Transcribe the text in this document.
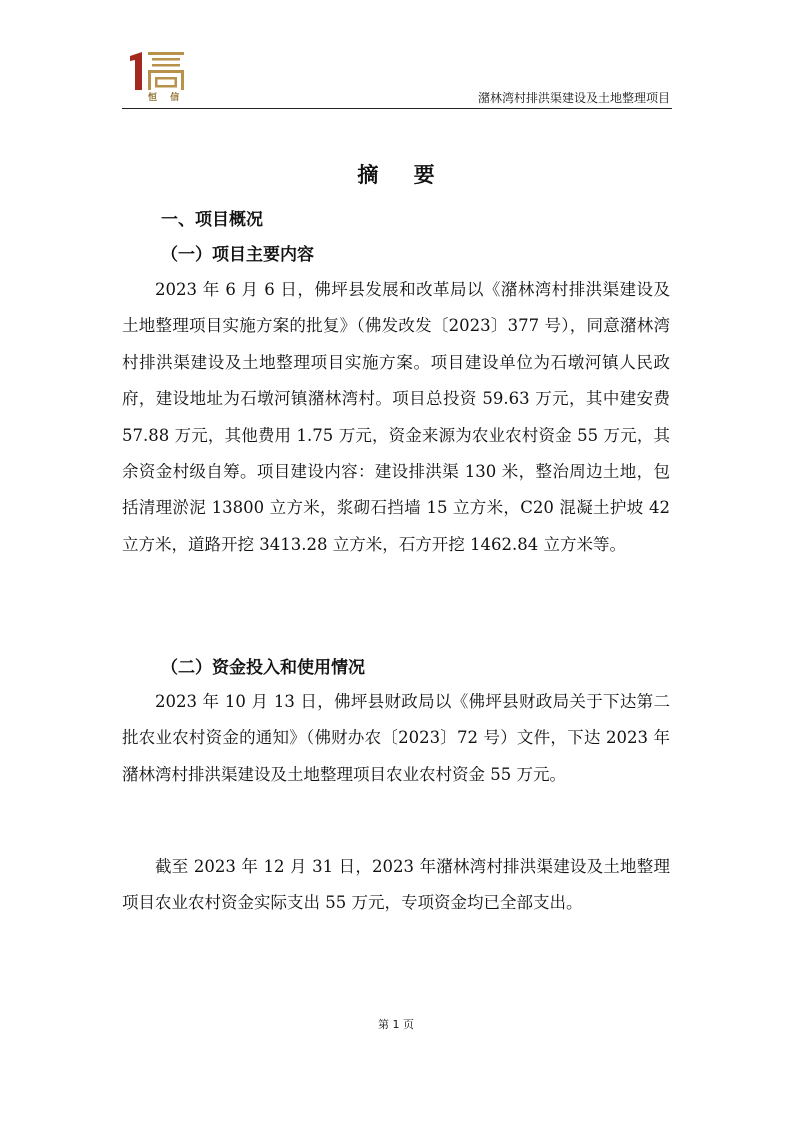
恒 信	潴林湾村排洪渠建设及土地整理项目
摘 要
一、项目概况
（一）项目主要内容

2023 年 6 月 6 日，佛坪县发展和改革局以《潴林湾村排洪渠建设及土地整理项目实施方案的批复》（佛发改发〔2023〕377 号），同意潴林湾村排洪渠建设及土地整理项目实施方案。项目建设单位为石墩河镇人民政府，建设地址为石墩河镇潴林湾村。项目总投资 59.63 万元，其中建安费 57.88 万元，其他费用 1.75 万元，资金来源为农业农村资金 55 万元，其余资金村级自筹。项目建设内容：建设排洪渠 130 米，整治周边土地，包括清理淤泥 13800 立方米，浆砌石挡墙 15 立方米，C20 混凝土护坡 42 立方米，道路开挖 3413.28 立方米，石方开挖 1462.84 立方米等。

（二）资金投入和使用情况

2023 年 10 月 13 日，佛坪县财政局以《佛坪县财政局关于下达第二批农业农村资金的通知》（佛财办农〔2023〕72 号）文件，下达 2023 年潴林湾村排洪渠建设及土地整理项目农业农村资金 55 万元。

截至 2023 年 12 月 31 日，2023 年潴林湾村排洪渠建设及土地整理项目农业农村资金实际支出 55 万元，专项资金均已全部支出。

第 1 页
